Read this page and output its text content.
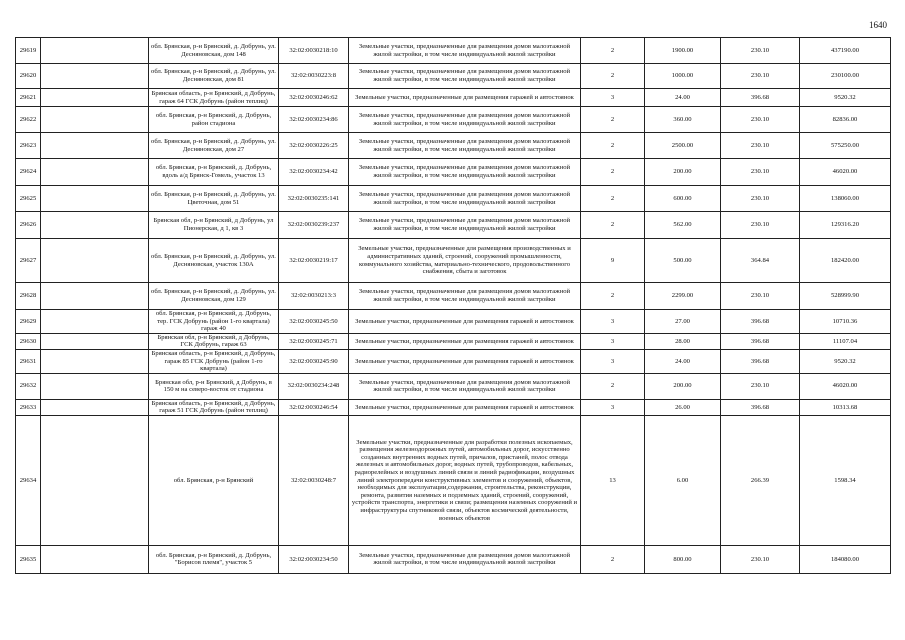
1640
29619		обл. Брянская, р-н Брянский, д. Добрунь, ул. Десняновская, дом 148	32:02:0030218:10	Земельные участки, предназначенные для размещения домов малоэтажной жилой застройки, в том числе индивидуальной жилой застройки	2	1900.00	230.10	437190.00
29620		обл. Брянская, р-н Брянский, д. Добрунь, ул. Десняновская, дом 81	32:02:0030223:8	Земельные участки, предназначенные для размещения домов малоэтажной жилой застройки, в том числе индивидуальной жилой застройки	2	1000.00	230.10	230100.00
29621		Брянская область, р-н Брянский, д Добрунь, гараж 64 ГСК Добрунь (район теплиц)	32:02:0030246:62	Земельные участки, предназначенные для размещения гаражей и автостоянок	3	24.00	396.68	9520.32
29622		обл. Брянская, р-н Брянский, д. Добрунь, район стадиона	32:02:0030234:86	Земельные участки, предназначенные для размещения домов малоэтажной жилой застройки, в том числе индивидуальной жилой застройки	2	360.00	230.10	82836.00
29623		обл. Брянская, р-н Брянский, д. Добрунь, ул. Десняновская, дом 27	32:02:0030226:25	Земельные участки, предназначенные для размещения домов малоэтажной жилой застройки, в том числе индивидуальной жилой застройки	2	2500.00	230.10	575250.00
29624		обл. Брянская, р-н Брянский, д. Добрунь, вдоль а/д Брянск-Гомель, участок 13	32:02:0030234:42	Земельные участки, предназначенные для размещения домов малоэтажной жилой застройки, в том числе индивидуальной жилой застройки	2	200.00	230.10	46020.00
29625		обл. Брянская, р-н Брянский, д. Добрунь, ул. Цветочная, дом 51	32:02:0030235:141	Земельные участки, предназначенные для размещения домов малоэтажной жилой застройки, в том числе индивидуальной жилой застройки	2	600.00	230.10	138060.00
29626		Брянская обл, р-н Брянский, д Добрунь, ул Пионерская, д 1, кв 3	32:02:0030239:237	Земельные участки, предназначенные для размещения домов малоэтажной жилой застройки, в том числе индивидуальной жилой застройки	2	562.00	230.10	129316.20
29627		обл. Брянская, р-н Брянский, д. Добрунь, ул. Десняновская, участок 130А	32:02:0030219:17	Земельные участки, предназначенные для размещения производственных и административных зданий, строений, сооружений промышленности, коммунального хозяйства, материально-технического, продовольственного снабжения, сбыта и заготовок	9	500.00	364.84	182420.00
29628		обл. Брянская, р-н Брянский, д. Добрунь, ул. Десняновская, дом 129	32:02:0030213:3	Земельные участки, предназначенные для размещения домов малоэтажной жилой застройки, в том числе индивидуальной жилой застройки	2	2299.00	230.10	528999.90
29629		обл. Брянская, р-н Брянский, д. Добрунь, тер. ГСК Добрунь (район 1-го квартала) гараж 40	32:02:0030245:50	Земельные участки, предназначенные для размещения гаражей и автостоянок	3	27.00	396.68	10710.36
29630		Брянская обл, р-н Брянский, д Добрунь, ГСК Добрунь, гараж 63	32:02:0030245:71	Земельные участки, предназначенные для размещения гаражей и автостоянок	3	28.00	396.68	11107.04
29631		Брянская область, р-н Брянский, д Добрунь, гараж 85 ГСК Добрунь (район 1-го квартала)	32:02:0030245:90	Земельные участки, предназначенные для размещения гаражей и автостоянок	3	24.00	396.68	9520.32
29632		Брянская обл, р-н Брянский, д Добрунь, в 150 м на северо-восток от стадиона	32:02:0030234:248	Земельные участки, предназначенные для размещения домов малоэтажной жилой застройки, в том числе индивидуальной жилой застройки	2	200.00	230.10	46020.00
29633		Брянская область, р-н Брянский, д Добрунь, гараж 51 ГСК Добрунь (район теплиц)	32:02:0030246:54	Земельные участки, предназначенные для размещения гаражей и автостоянок	3	26.00	396.68	10313.68
29634		обл. Брянская, р-н Брянский	32:02:0030248:7	Земельные участки, предназначенные для разработки полезных ископаемых, размещения железнодорожных путей, автомобильных дорог, искусственно созданных внутренних водных путей, причалов, пристаней, полос отвода железных и автомобильных дорог, водных путей, трубопроводов, кабельных, радиорелейных и воздушных линий связи и линий радиофикации, воздушных линий электропередачи конструктивных элементов и сооружений, объектов, необходимых для эксплуатации,содержания, строительства, реконструкции, ремонта, развития наземных и подземных зданий, строений, сооружений, устройств транспорта, энергетики и связи; размещения наземных сооружений и инфраструктуры спутниковой связи, объектов космической деятельности, военных объектов	13	6.00	266.39	1598.34
29635		обл. Брянская, р-н Брянский, д. Добрунь, "Борисов племя", участок 5	32:02:0030234:50	Земельные участки, предназначенные для размещения домов малоэтажной жилой застройки, в том числе индивидуальной жилой застройки	2	800.00	230.10	184080.00
